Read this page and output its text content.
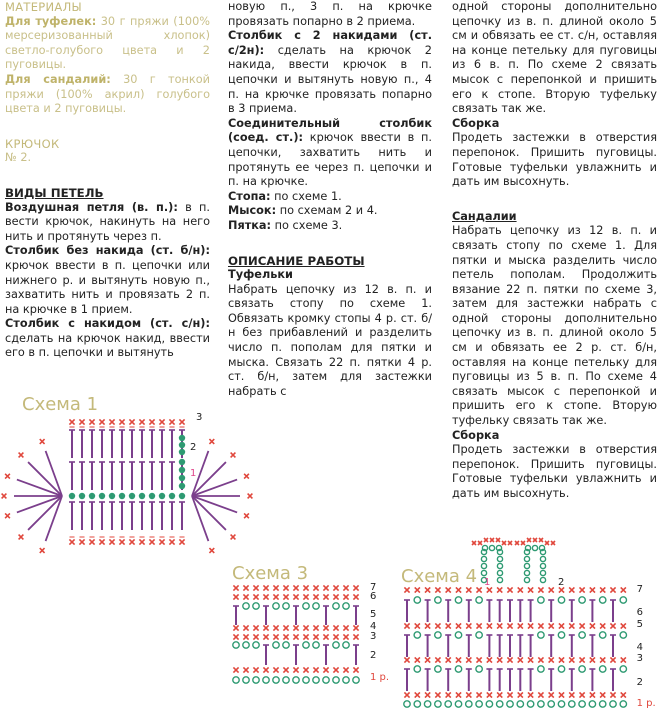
МАТЕРИАЛЫ

Для туфелек: 30 г пряжи (100% мерсеризованный хлопок) светло-голубого цвета и 2 пуговицы.

Для сандалий: 30 г тонкой пряжи (100% акрил) голубого цвета и 2 пуговицы.

КРЮЧОК

№ 2.

ВИДЫ ПЕТЕЛЬ

Воздушная петля (в. п.): в п. вести крючок, накинуть на него нить и протянуть через п.

Столбик без накида (ст. б/н): крючок ввести в п. цепочки или нижнего р. и вытянуть новую п., захватить нить и провязать 2 п. на крючке в 1 прием.

Столбик с накидом (ст. с/н): сделать на крючок накид, ввести его в п. цепочки и вытянуть

новую п., 3 п. на крючке провязать попарно в 2 приема.

Столбик с 2 накидами (ст. с/2н): сделать на крючок 2 накида, ввести крючок в п. цепочки и вытянуть новую п., 4 п. на крючке провязать попарно в 3 приема.

Соединительный столбик (соед. ст.): крючок ввести в п. цепочки, захватить нить и протянуть ее через п. цепочки и п. на крючке.

Стопа: по схеме 1.

Мысок: по схемам 2 и 4.

Пятка: по схеме 3.

ОПИСАНИЕ РАБОТЫ

Туфельки

Набрать цепочку из 12 в. п. и связать стопу по схеме 1. Обвязать кромку стопы 4 р. ст. б/н без прибавлений и разделить число п. пополам для пятки и мыска. Связать 22 п. пятки 4 р. ст. б/н, затем для застежки набрать с

одной стороны дополнительно цепочку из в. п. длиной около 5 см и обвязать ее ст. с/н, оставляя на конце петельку для пуговицы из 6 в. п. По схеме 2 связать мысок с перепонкой и пришить его к стопе. Вторую туфельку связать так же.

Сборка

Продеть застежки в отверстия перепонок. Пришить пуговицы. Готовые туфельки увлажнить и дать им высохнуть.

Сандалии

Набрать цепочку из 12 в. п. и связать стопу по схеме 1. Для пятки и мыска разделить число петель пополам. Продолжить вязание 22 п. пятки по схеме 3, затем для застежки набрать с одной стороны дополнительно цепочку из в. п. длиной около 5 см и обвязать ее 2 р. ст. б/н, оставляя на конце петельку для пуговицы из 5 в. п. По схеме 4 связать мысок с перепонкой и пришить его к стопе. Вторую туфельку связать так же.

Сборка

Продеть застежки в отверстия перепонок. Пришить пуговицы. Готовые туфельки увлажнить и дать им высохнуть.

Схема 1
3
2
1
Схема 3
1 р.
2
3
4
5
6
7
Схема 4 1	2
1 р.
2
3
4
5
6
7
